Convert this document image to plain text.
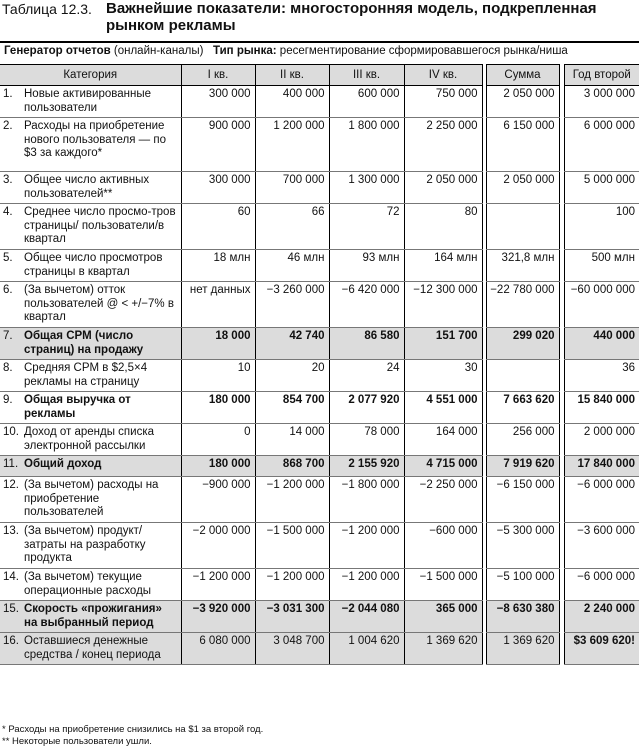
Таблица 12.3. Важнейшие показатели: многосторонняя модель, подкрепленная рынком рекламы
Генератор отчетов (онлайн-каналы) Тип рынка: ресегментирование сформировавшегося рынка/ниша
Категория	I кв.	II кв.	III кв.	IV кв.		Сумма		Год второй

1. Новые активированные пользователи	300 000	400 000	600 000	750 000		2 050 000		3 000 000

2. Расходы на приобретение нового пользователя — по $3 за каждого*	900 000	1 200 000	1 800 000	2 250 000		6 150 000		6 000 000

3. Общее число активных пользователей**	300 000	700 000	1 300 000	2 050 000		2 050 000		5 000 000

4. Среднее число просмо-тров страницы/ пользователи/в квартал	60	66	72	80				100

5. Общее число просмотров страницы в квартал	18 млн	46 млн	93 млн	164 млн		321,8 млн		500 млн

6. (За вычетом) отток пользователей @ < +/−7% в квартал	нет данных	−3 260 000	−6 420 000	−12 300 000		−22 780 000		−60 000 000

7. Общая CPM (число страниц) на продажу	18 000	42 740	86 580	151 700		299 020		440 000

8. Средняя CPM в $2,5×4 рекламы на страницу	10	20	24	30				36

9. Общая выручка от рекламы	180 000	854 700	2 077 920	4 551 000		7 663 620		15 840 000

10. Доход от аренды списка электронной рассылки	0	14 000	78 000	164 000		256 000		2 000 000

11. Общий доход	180 000	868 700	2 155 920	4 715 000		7 919 620		17 840 000

12. (За вычетом) расходы на приобретение пользователей	−900 000	−1 200 000	−1 800 000	−2 250 000		−6 150 000		−6 000 000

13. (За вычетом) продукт/ затраты на разработку продукта	−2 000 000	−1 500 000	−1 200 000	−600 000		−5 300 000		−3 600 000

14. (За вычетом) текущие операционные расходы	−1 200 000	−1 200 000	−1 200 000	−1 500 000		−5 100 000		−6 000 000

15. Скорость «прожигания» на выбранный период	−3 920 000	−3 031 300	−2 044 080	365 000		−8 630 380		2 240 000

16. Оставшиеся денежные средства / конец периода	6 080 000	3 048 700	1 004 620	1 369 620		1 369 620		$3 609 620!
* Расходы на приобретение снизились на $1 за второй год.
** Некоторые пользователи ушли.
